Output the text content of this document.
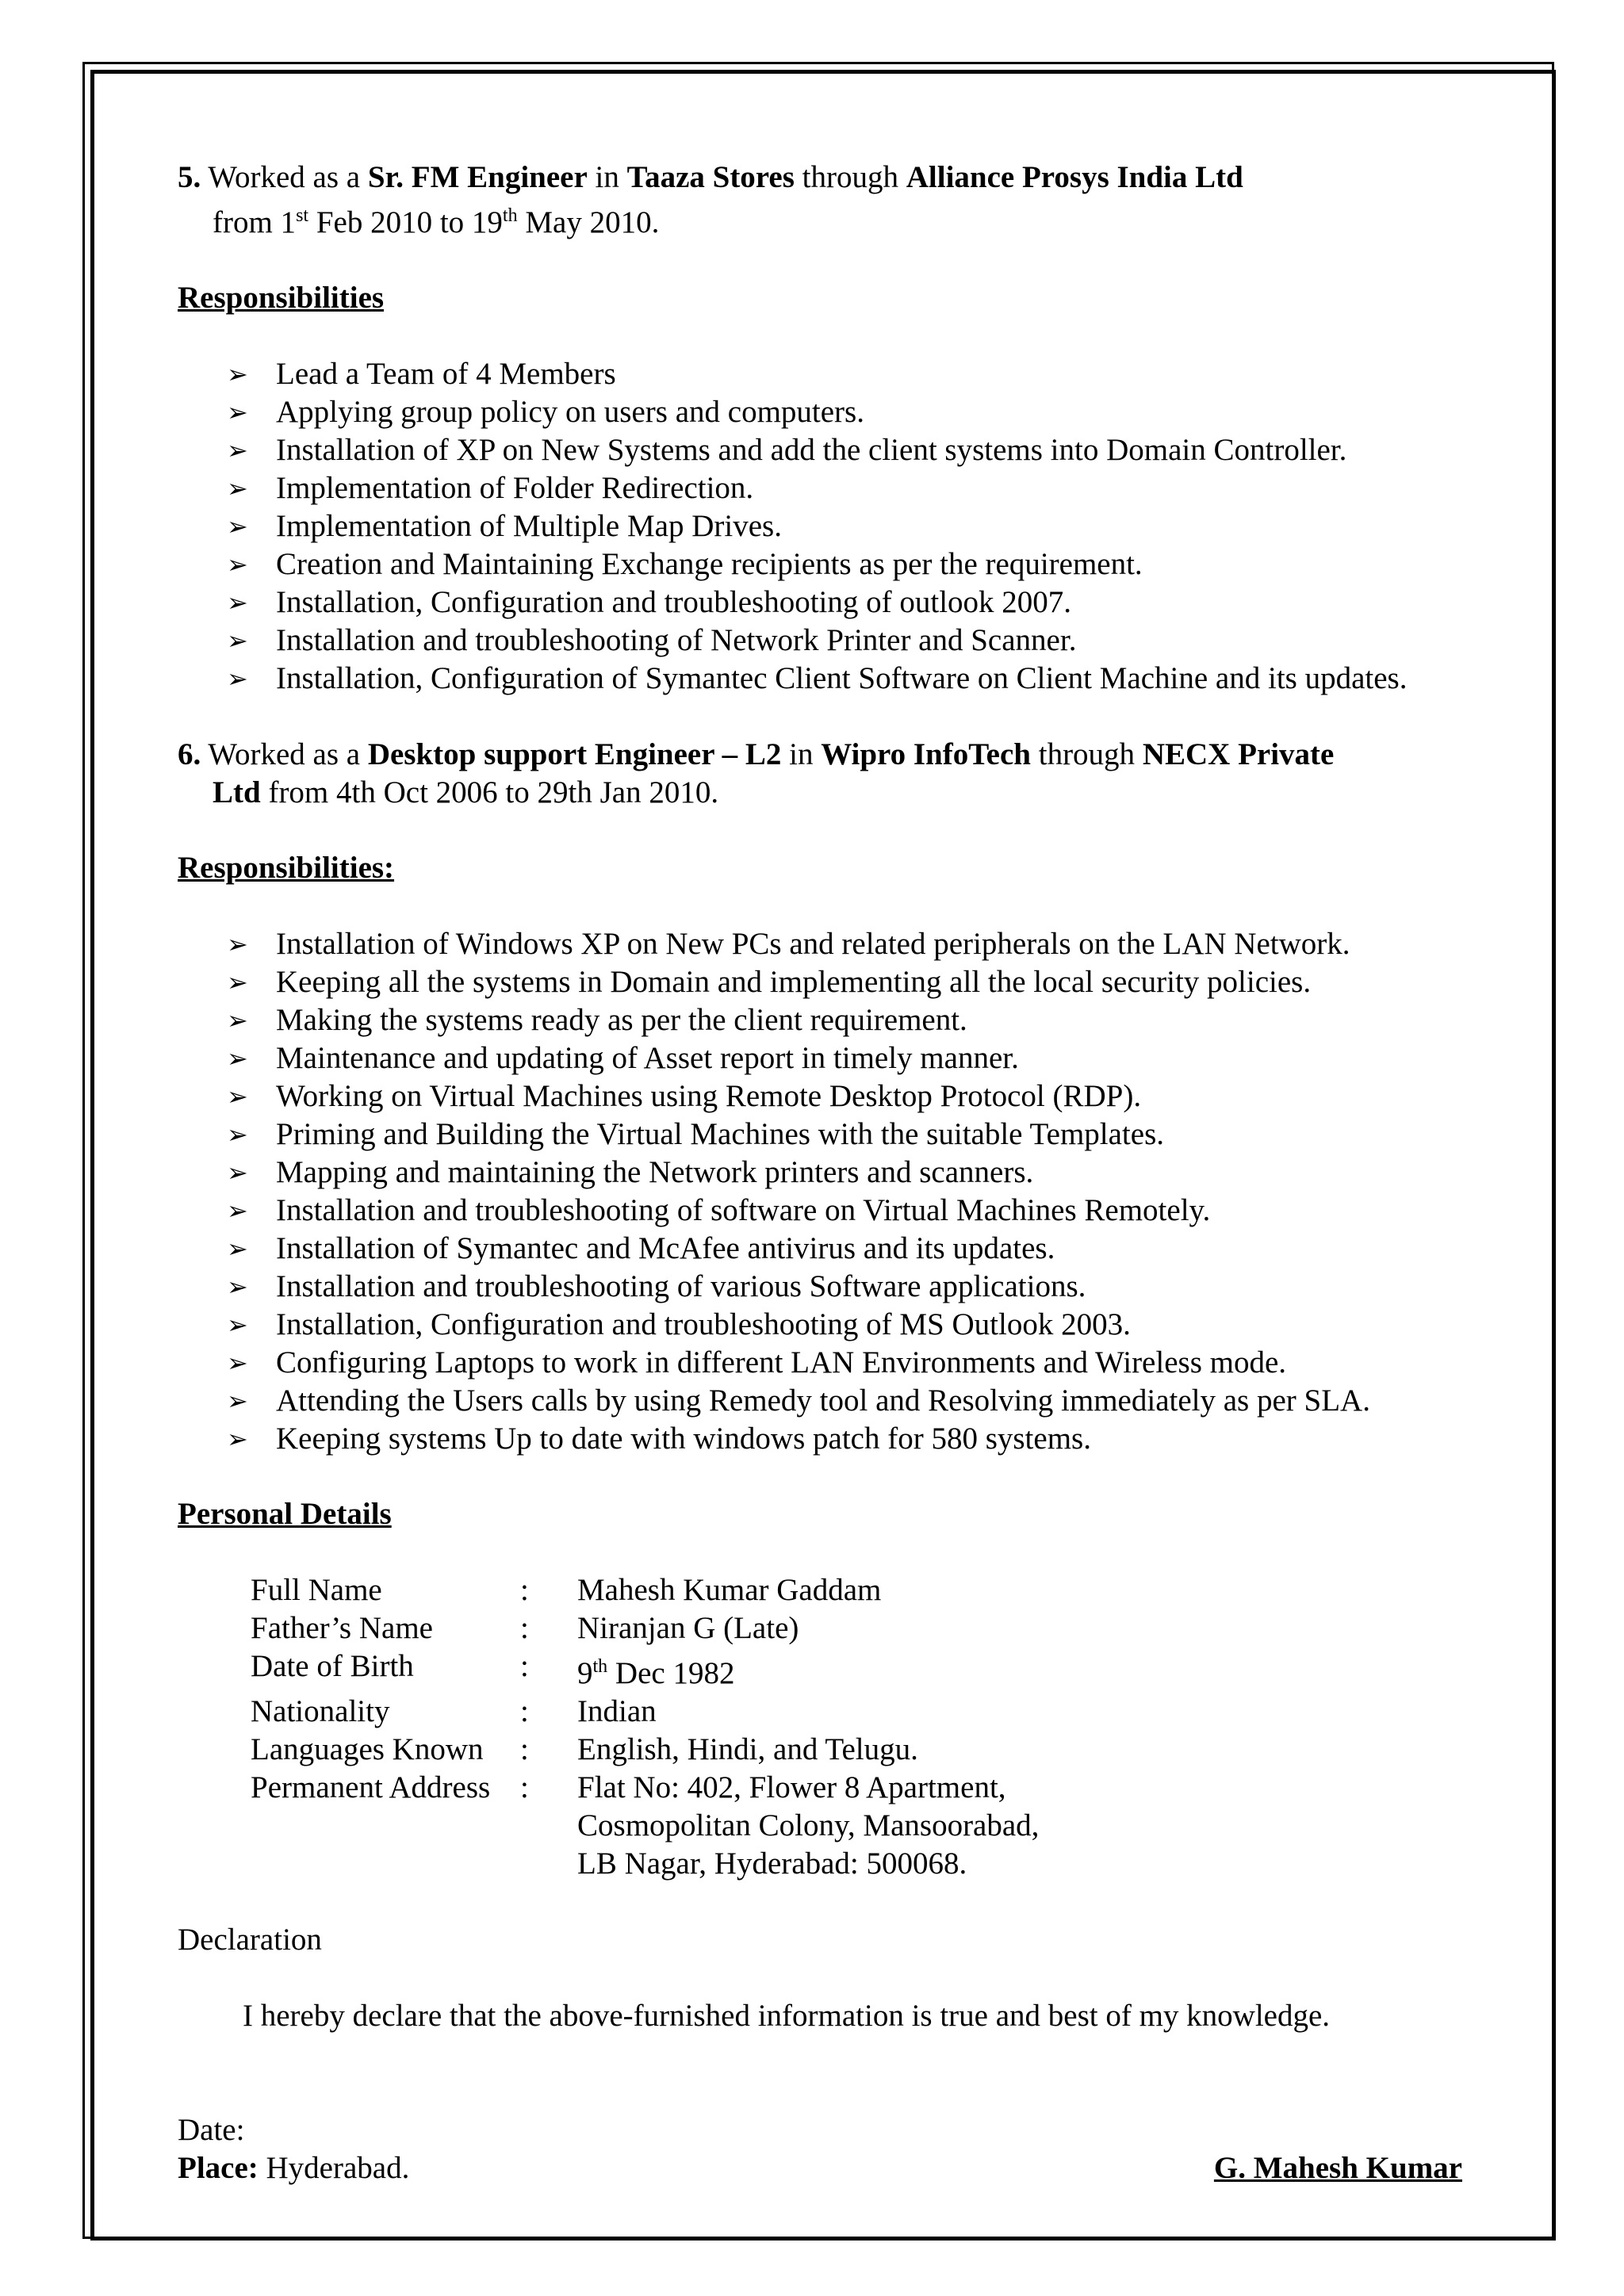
5. Worked as a Sr. FM Engineer in Taaza Stores through Alliance Prosys India Ltd
from 1st Feb 2010 to 19th May 2010.
Responsibilities
➢ Lead a Team of 4 Members
➢ Applying group policy on users and computers.
➢ Installation of XP on New Systems and add the client systems into Domain Controller.
➢ Implementation of Folder Redirection.
➢ Implementation of Multiple Map Drives.
➢ Creation and Maintaining Exchange recipients as per the requirement.
➢ Installation, Configuration and troubleshooting of outlook 2007.
➢ Installation and troubleshooting of Network Printer and Scanner.
➢ Installation, Configuration of Symantec Client Software on Client Machine and its updates.
6. Worked as a Desktop support Engineer – L2 in Wipro InfoTech through NECX Private
Ltd from 4th Oct 2006 to 29th Jan 2010.
Responsibilities:
➢ Installation of Windows XP on New PCs and related peripherals on the LAN Network.
➢ Keeping all the systems in Domain and implementing all the local security policies.
➢ Making the systems ready as per the client requirement.
➢ Maintenance and updating of Asset report in timely manner.
➢ Working on Virtual Machines using Remote Desktop Protocol (RDP).
➢ Priming and Building the Virtual Machines with the suitable Templates.
➢ Mapping and maintaining the Network printers and scanners.
➢ Installation and troubleshooting of software on Virtual Machines Remotely.
➢ Installation of Symantec and McAfee antivirus and its updates.
➢ Installation and troubleshooting of various Software applications.
➢ Installation, Configuration and troubleshooting of MS Outlook 2003.
➢ Configuring Laptops to work in different LAN Environments and Wireless mode.
➢ Attending the Users calls by using Remedy tool and Resolving immediately as per SLA.
➢ Keeping systems Up to date with windows patch for 580 systems.
Personal Details
Full Name	:	Mahesh Kumar Gaddam
Father’s Name	:	Niranjan G (Late)
Date of Birth	:	9th Dec 1982
Nationality	:	Indian
Languages Known	:	English, Hindi, and Telugu.
Permanent Address	:	Flat No: 402, Flower 8 Apartment,
Cosmopolitan Colony, Mansoorabad,
LB Nagar, Hyderabad: 500068.
Declaration
I hereby declare that the above-furnished information is true and best of my knowledge.
Date:
Place: Hyderabad.	G. Mahesh Kumar
